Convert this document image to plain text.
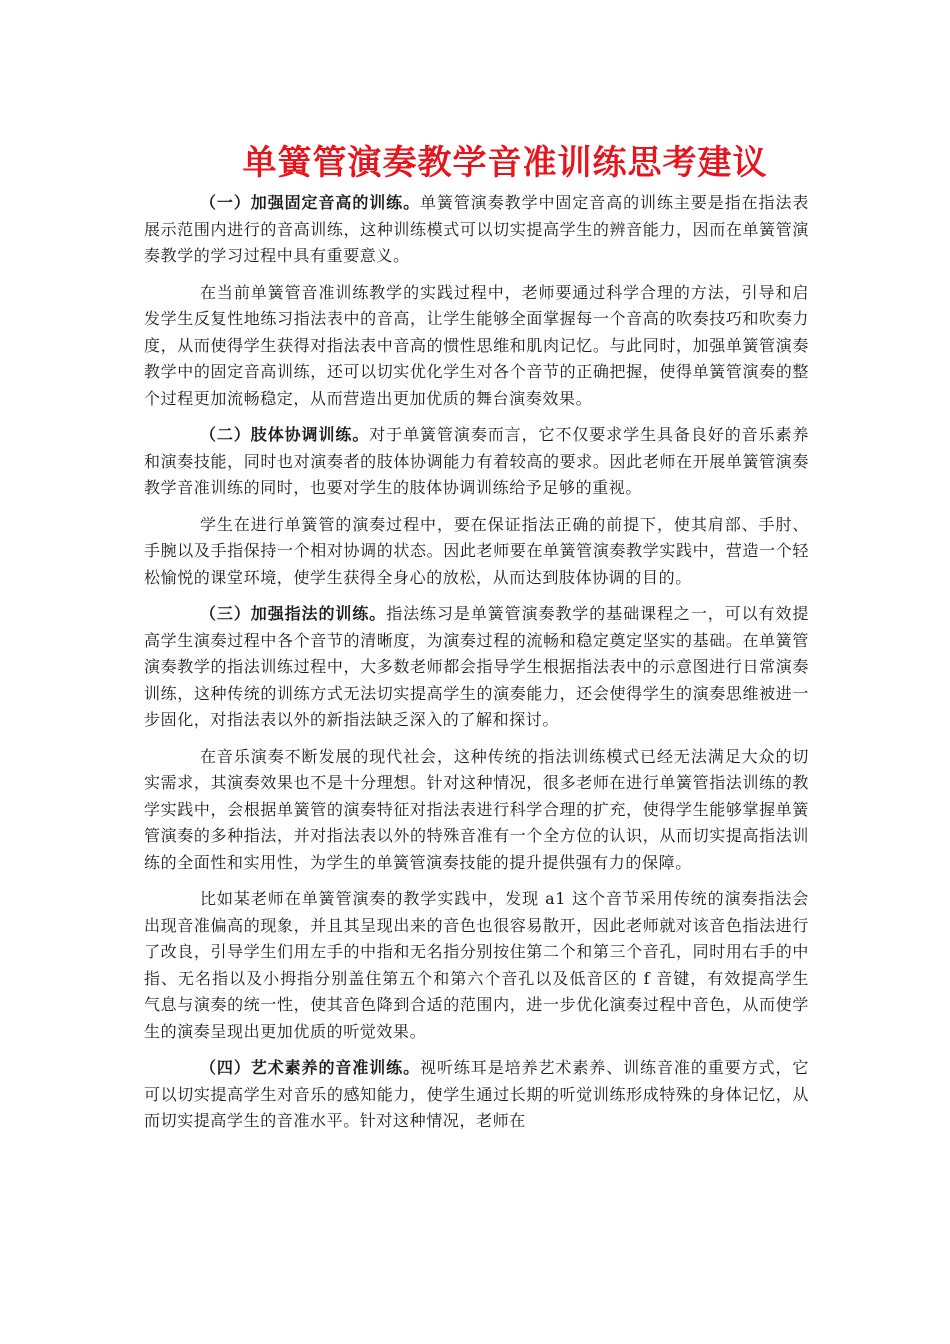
单簧管演奏教学音准训练思考建议

（一）加强固定音高的训练。单簧管演奏教学中固定音高的训练主要是指在指法表展示范围内进行的音高训练，这种训练模式可以切实提高学生的辨音能力，因而在单簧管演奏教学的学习过程中具有重要意义。

在当前单簧管音准训练教学的实践过程中，老师要通过科学合理的方法，引导和启发学生反复性地练习指法表中的音高，让学生能够全面掌握每一个音高的吹奏技巧和吹奏力度，从而使得学生获得对指法表中音高的惯性思维和肌肉记忆。与此同时，加强单簧管演奏教学中的固定音高训练，还可以切实优化学生对各个音节的正确把握，使得单簧管演奏的整个过程更加流畅稳定，从而营造出更加优质的舞台演奏效果。

（二）肢体协调训练。对于单簧管演奏而言，它不仅要求学生具备良好的音乐素养和演奏技能，同时也对演奏者的肢体协调能力有着较高的要求。因此老师在开展单簧管演奏教学音准训练的同时，也要对学生的肢体协调训练给予足够的重视。

学生在进行单簧管的演奏过程中，要在保证指法正确的前提下，使其肩部、手肘、手腕以及手指保持一个相对协调的状态。因此老师要在单簧管演奏教学实践中，营造一个轻松愉悦的课堂环境，使学生获得全身心的放松，从而达到肢体协调的目的。

（三）加强指法的训练。指法练习是单簧管演奏教学的基础课程之一，可以有效提高学生演奏过程中各个音节的清晰度，为演奏过程的流畅和稳定奠定坚实的基础。在单簧管演奏教学的指法训练过程中，大多数老师都会指导学生根据指法表中的示意图进行日常演奏训练，这种传统的训练方式无法切实提高学生的演奏能力，还会使得学生的演奏思维被进一步固化，对指法表以外的新指法缺乏深入的了解和探讨。

在音乐演奏不断发展的现代社会，这种传统的指法训练模式已经无法满足大众的切实需求，其演奏效果也不是十分理想。针对这种情况，很多老师在进行单簧管指法训练的教学实践中，会根据单簧管的演奏特征对指法表进行科学合理的扩充，使得学生能够掌握单簧管演奏的多种指法，并对指法表以外的特殊音准有一个全方位的认识，从而切实提高指法训练的全面性和实用性，为学生的单簧管演奏技能的提升提供强有力的保障。

比如某老师在单簧管演奏的教学实践中，发现 a1 这个音节采用传统的演奏指法会出现音准偏高的现象，并且其呈现出来的音色也很容易散开，因此老师就对该音色指法进行了改良，引导学生们用左手的中指和无名指分别按住第二个和第三个音孔，同时用右手的中指、无名指以及小拇指分别盖住第五个和第六个音孔以及低音区的 f 音键，有效提高学生气息与演奏的统一性，使其音色降到合适的范围内，进一步优化演奏过程中音色，从而使学生的演奏呈现出更加优质的听觉效果。

（四）艺术素养的音准训练。视听练耳是培养艺术素养、训练音准的重要方式，它可以切实提高学生对音乐的感知能力，使学生通过长期的听觉训练形成特殊的身体记忆，从而切实提高学生的音准水平。针对这种情况，老师在
